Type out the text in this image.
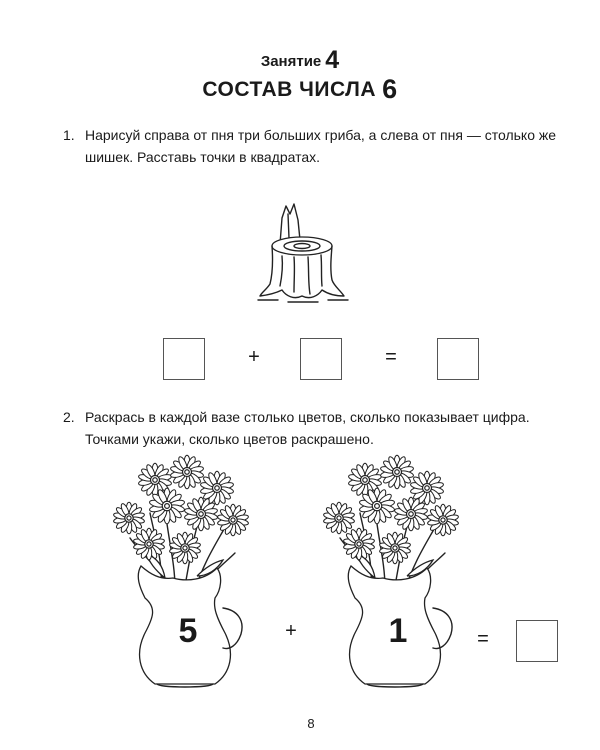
Занятие 4
СОСТАВ ЧИСЛА 6
1. Нарисуй справа от пня три больших гриба, а слева от пня — столько же
шишек. Расставь точки в квадратах.
+	=
2. Раскрась в каждой вазе столько цветов, сколько показывает цифра.
Точками укажи, сколько цветов раскрашено.
5	+	1	=
8
